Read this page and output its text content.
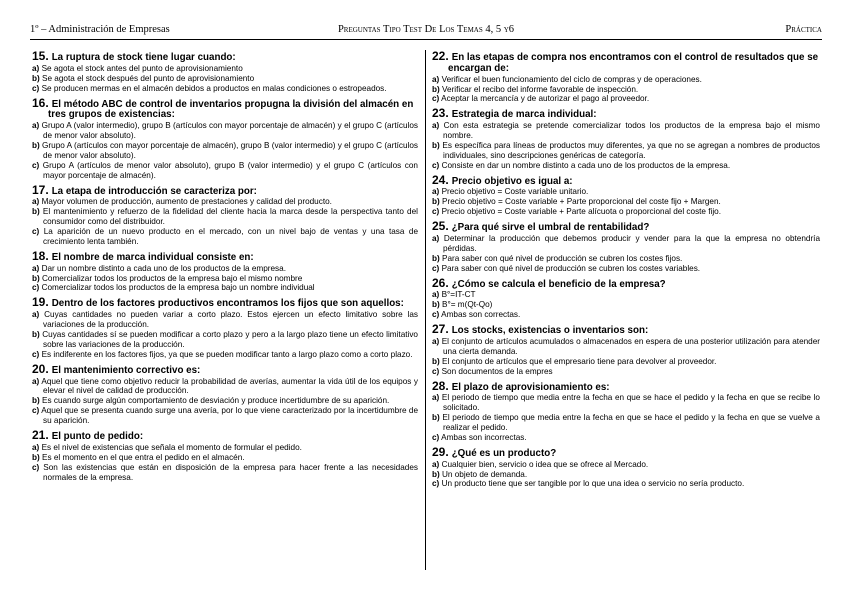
1º – Administración de Empresas	Preguntas Tipo Test De Los Temas 4, 5 y6	Práctica

15. La ruptura de stock tiene lugar cuando:

a) Se agota el stock antes del punto de aprovisionamiento

b) Se agota el stock después del punto de aprovisionamiento

c) Se producen mermas en el almacén debidos a productos en malas condiciones o estropeados.

16. El método ABC de control de inventarios propugna la división del almacén en tres grupos de existencias:

a) Grupo A (valor intermedio), grupo B (artículos con mayor porcentaje de almacén) y el grupo C (artículos de menor valor absoluto).

b) Grupo A (artículos con mayor porcentaje de almacén), grupo B (valor intermedio) y el grupo C (artículos de menor valor absoluto).

c) Grupo A (artículos de menor valor absoluto), grupo B (valor intermedio) y el grupo C (artículos con mayor porcentaje de almacén).

17. La etapa de introducción se caracteriza por:

a) Mayor volumen de producción, aumento de prestaciones y calidad del producto.

b) El mantenimiento y refuerzo de la fidelidad del cliente hacia la marca desde la perspectiva tanto del consumidor como del distribuidor.

c) La aparición de un nuevo producto en el mercado, con un nivel bajo de ventas y una tasa de crecimiento lenta también.

18. El nombre de marca individual consiste en:

a) Dar un nombre distinto a cada uno de los productos de la empresa.

b) Comercializar todos los productos de la empresa bajo el mismo nombre

c) Comercializar todos los productos de la empresa bajo un nombre individual

19. Dentro de los factores productivos encontramos los fijos que son aquellos:

a) Cuyas cantidades no pueden variar a corto plazo. Estos ejercen un efecto limitativo sobre las variaciones de la producción.

b) Cuyas cantidades sí se pueden modificar a corto plazo y pero a la largo plazo tiene un efecto limitativo sobre las variaciones de la producción.

c) Es indiferente en los factores fijos, ya que se pueden modificar tanto a largo plazo como a corto plazo.

20. El mantenimiento correctivo es:

a) Aquel que tiene como objetivo reducir la probabilidad de averías, aumentar la vida útil de los equipos y elevar el nivel de calidad de producción.

b) Es cuando surge algún comportamiento de desviación y produce incertidumbre de su aparición.

c) Aquel que se presenta cuando surge una avería, por lo que viene caracterizado por la incertidumbre de su aparición.

21. El punto de pedido:

a) Es el nivel de existencias que señala el momento de formular el pedido.

b) Es el momento en el que entra el pedido en el almacén.

c) Son las existencias que están en disposición de la empresa para hacer frente a las necesidades normales de la empresa.

22. En las etapas de compra nos encontramos con el control de resultados que se encargan de:

a) Verificar el buen funcionamiento del ciclo de compras y de operaciones.

b) Verificar el recibo del informe favorable de inspección.

c) Aceptar la mercancía y de autorizar el pago al proveedor.

23. Estrategia de marca individual:

a) Con esta estrategia se pretende comercializar todos los productos de la empresa bajo el mismo nombre.

b) Es específica para líneas de productos muy diferentes, ya que no se agregan a nombres de productos individuales, sino descripciones genéricas de categoría.

c) Consiste en dar un nombre distinto a cada uno de los productos de la empresa.

24. Precio objetivo es igual a:

a) Precio objetivo = Coste variable unitario.

b) Precio objetivo = Coste variable + Parte proporcional del coste fijo + Margen.

c) Precio objetivo = Coste variable + Parte alícuota o proporcional del coste fijo.

25. ¿Para qué sirve el umbral de rentabilidad?

a) Determinar la producción que debemos producir y vender para la que la empresa no obtendría pérdidas.

b) Para saber con qué nivel de producción se cubren los costes fijos.

c) Para saber con qué nivel de producción se cubren los costes variables.

26. ¿Cómo se calcula el beneficio de la empresa?

a) B°=IT-CT

b) B°= m(Qt-Qo)

c) Ambas son correctas.

27. Los stocks, existencias o inventarios son:

a) El conjunto de artículos acumulados o almacenados en espera de una posterior utilización para atender una cierta demanda.

b) El conjunto de artículos que el empresario tiene para devolver al proveedor.

c) Son documentos de la empres

28. El plazo de aprovisionamiento es:

a) El periodo de tiempo que media entre la fecha en que se hace el pedido y la fecha en que se recibe lo solicitado.

b) El periodo de tiempo que media entre la fecha en que se hace el pedido y la fecha en que se vuelve a realizar el pedido.

c) Ambas son incorrectas.

29. ¿Qué es un producto?

a) Cualquier bien, servicio o idea que se ofrece al Mercado.

b) Un objeto de demanda.

c) Un producto tiene que ser tangible por lo que una idea o servicio no sería producto.
